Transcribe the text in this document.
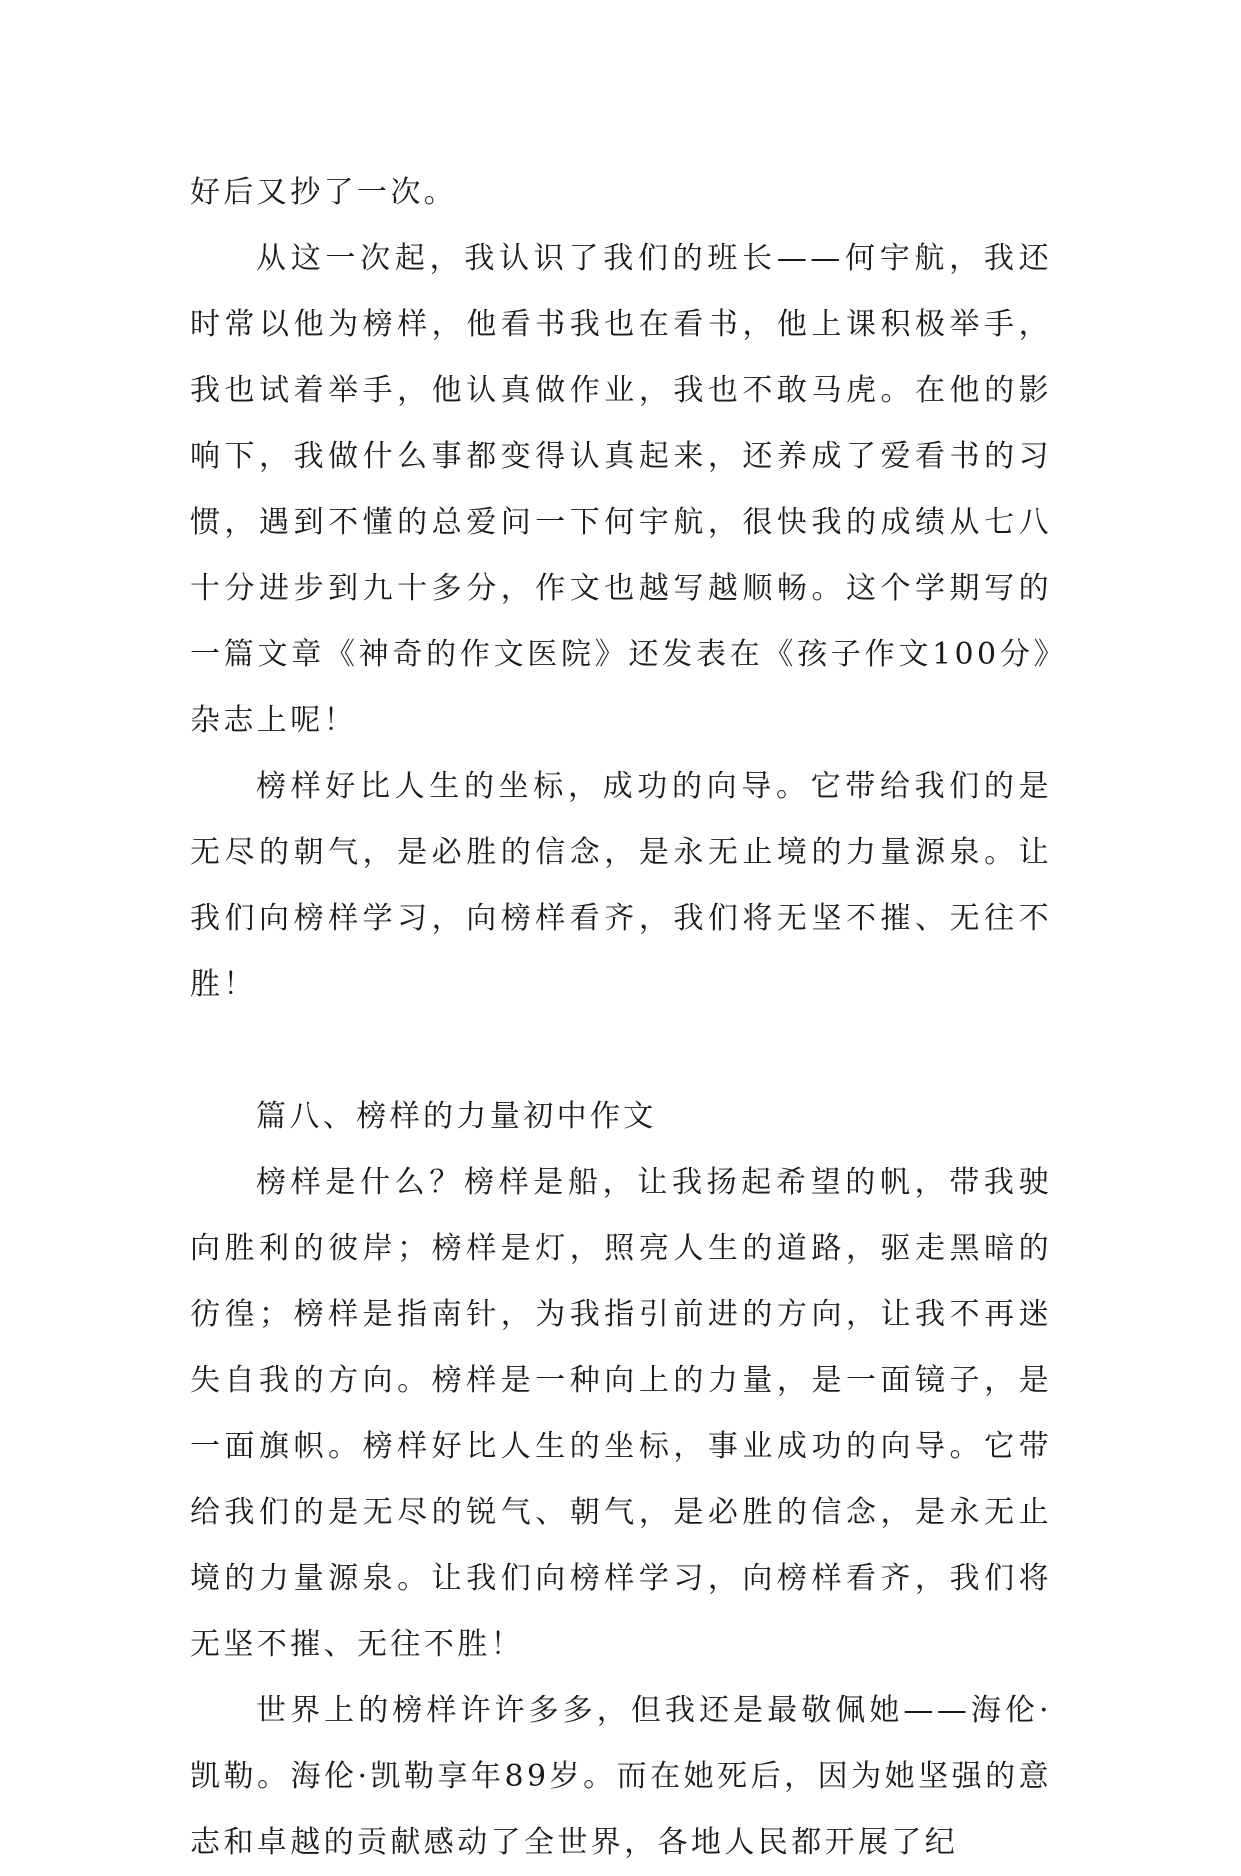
好后又抄了一次。

从这一次起，我认识了我们的班长——何宇航，我还时常以他为榜样，他看书我也在看书，他上课积极举手，我也试着举手，他认真做作业，我也不敢马虎。在他的影响下，我做什么事都变得认真起来，还养成了爱看书的习惯，遇到不懂的总爱问一下何宇航，很快我的成绩从七八十分进步到九十多分，作文也越写越顺畅。这个学期写的一篇文章《神奇的作文医院》还发表在《孩子作文100分》杂志上呢！

榜样好比人生的坐标，成功的向导。它带给我们的是无尽的朝气，是必胜的信念，是永无止境的力量源泉。让我们向榜样学习，向榜样看齐，我们将无坚不摧、无往不胜！

篇八、榜样的力量初中作文

榜样是什么？榜样是船，让我扬起希望的帆，带我驶向胜利的彼岸；榜样是灯，照亮人生的道路，驱走黑暗的彷徨；榜样是指南针，为我指引前进的方向，让我不再迷失自我的方向。榜样是一种向上的力量，是一面镜子，是一面旗帜。榜样好比人生的坐标，事业成功的向导。它带给我们的是无尽的锐气、朝气，是必胜的信念，是永无止境的力量源泉。让我们向榜样学习，向榜样看齐，我们将无坚不摧、无往不胜！

世界上的榜样许许多多，但我还是最敬佩她——海伦·凯勒。海伦·凯勒享年89岁。而在她死后，因为她坚强的意志和卓越的贡献感动了全世界，各地人民都开展了纪
